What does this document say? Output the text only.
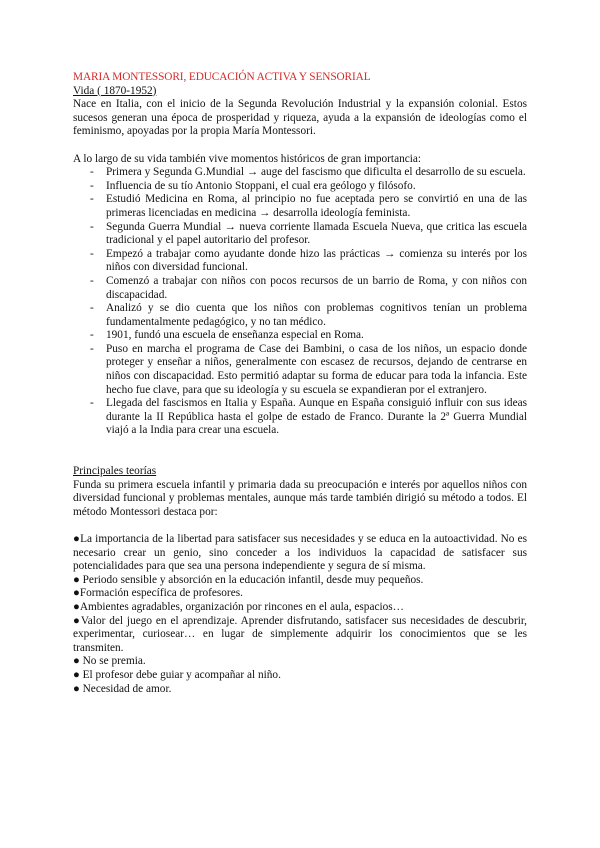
MARIA MONTESSORI, EDUCACIÓN ACTIVA Y SENSORIAL

Vida ( 1870-1952)

Nace en Italia, con el inicio de la Segunda Revolución Industrial y la expansión colonial. Estos sucesos generan una época de prosperidad y riqueza, ayuda a la expansión de ideologías como el feminismo, apoyadas por la propia María Montessori.

A lo largo de su vida también vive momentos históricos de gran importancia:

- Primera y Segunda G.Mundial → auge del fascismo que dificulta el desarrollo de su escuela.
- Influencia de su tío Antonio Stoppani, el cual era geólogo y filósofo.
- Estudió Medicina en Roma, al principio no fue aceptada pero se convirtió en una de las primeras licenciadas en medicina → desarrolla ideología feminista.
- Segunda Guerra Mundial → nueva corriente llamada Escuela Nueva, que critica las escuela tradicional y el papel autoritario del profesor.
- Empezó a trabajar como ayudante donde hizo las prácticas → comienza su interés por los niños con diversidad funcional.
- Comenzó a trabajar con niños con pocos recursos de un barrio de Roma, y con niños con discapacidad.
- Analizó y se dio cuenta que los niños con problemas cognitivos tenían un problema fundamentalmente pedagógico, y no tan médico.
- 1901, fundó una escuela de enseñanza especial en Roma.
- Puso en marcha el programa de Case dei Bambini, o casa de los niños, un espacio donde proteger y enseñar a niños, generalmente con escasez de recursos, dejando de centrarse en niños con discapacidad. Esto permitió adaptar su forma de educar para toda la infancia. Este hecho fue clave, para que su ideología y su escuela se expandieran por el extranjero.
- Llegada del fascismos en Italia y España. Aunque en España consiguió influir con sus ideas durante la II República hasta el golpe de estado de Franco. Durante la 2ª Guerra Mundial viajó a la India para crear una escuela.

Principales teorías

Funda su primera escuela infantil y primaria dada su preocupación e interés por aquellos niños con diversidad funcional y problemas mentales, aunque más tarde también dirigió su método a todos. El método Montessori destaca por:

●La importancia de la libertad para satisfacer sus necesidades y se educa en la autoactividad. No es necesario crear un genio, sino conceder a los individuos la capacidad de satisfacer sus potencialidades para que sea una persona independiente y segura de sí misma.

● Periodo sensible y absorción en la educación infantil, desde muy pequeños.

●Formación específica de profesores.

●Ambientes agradables, organización por rincones en el aula, espacios…

●Valor del juego en el aprendizaje. Aprender disfrutando, satisfacer sus necesidades de descubrir, experimentar, curiosear… en lugar de simplemente adquirir los conocimientos que se les transmiten.

● No se premia.

● El profesor debe guiar y acompañar al niño.

● Necesidad de amor.
